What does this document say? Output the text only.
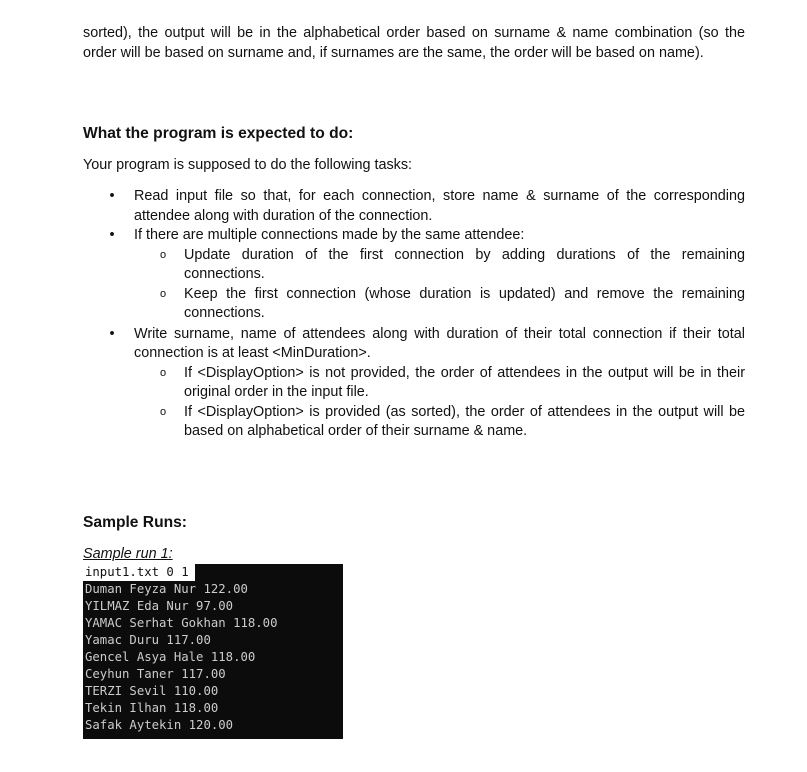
sorted), the output will be in the alphabetical order based on surname & name combination (so the order will be based on surname and, if surnames are the same, the order will be based on name).

What the program is expected to do:

Your program is supposed to do the following tasks:

• Read input file so that, for each connection, store name & surname of the corresponding attendee along with duration of the connection.
• If there are multiple connections made by the same attendee:
o Update duration of the first connection by adding durations of the remaining connections.
o Keep the first connection (whose duration is updated) and remove the remaining connections.
• Write surname, name of attendees along with duration of their total connection if their total connection is at least <MinDuration>.
o If <DisplayOption> is not provided, the order of attendees in the output will be in their original order in the input file.
o If <DisplayOption> is provided (as sorted), the order of attendees in the output will be based on alphabetical order of their surname & name.

Sample Runs:

Sample run 1:

input1.txt 0 1
Duman Feyza Nur 122.00
YILMAZ Eda Nur 97.00
YAMAC Serhat Gokhan 118.00
Yamac Duru 117.00
Gencel Asya Hale 118.00
Ceyhun Taner 117.00
TERZI Sevil 110.00
Tekin Ilhan 118.00
Safak Aytekin 120.00
